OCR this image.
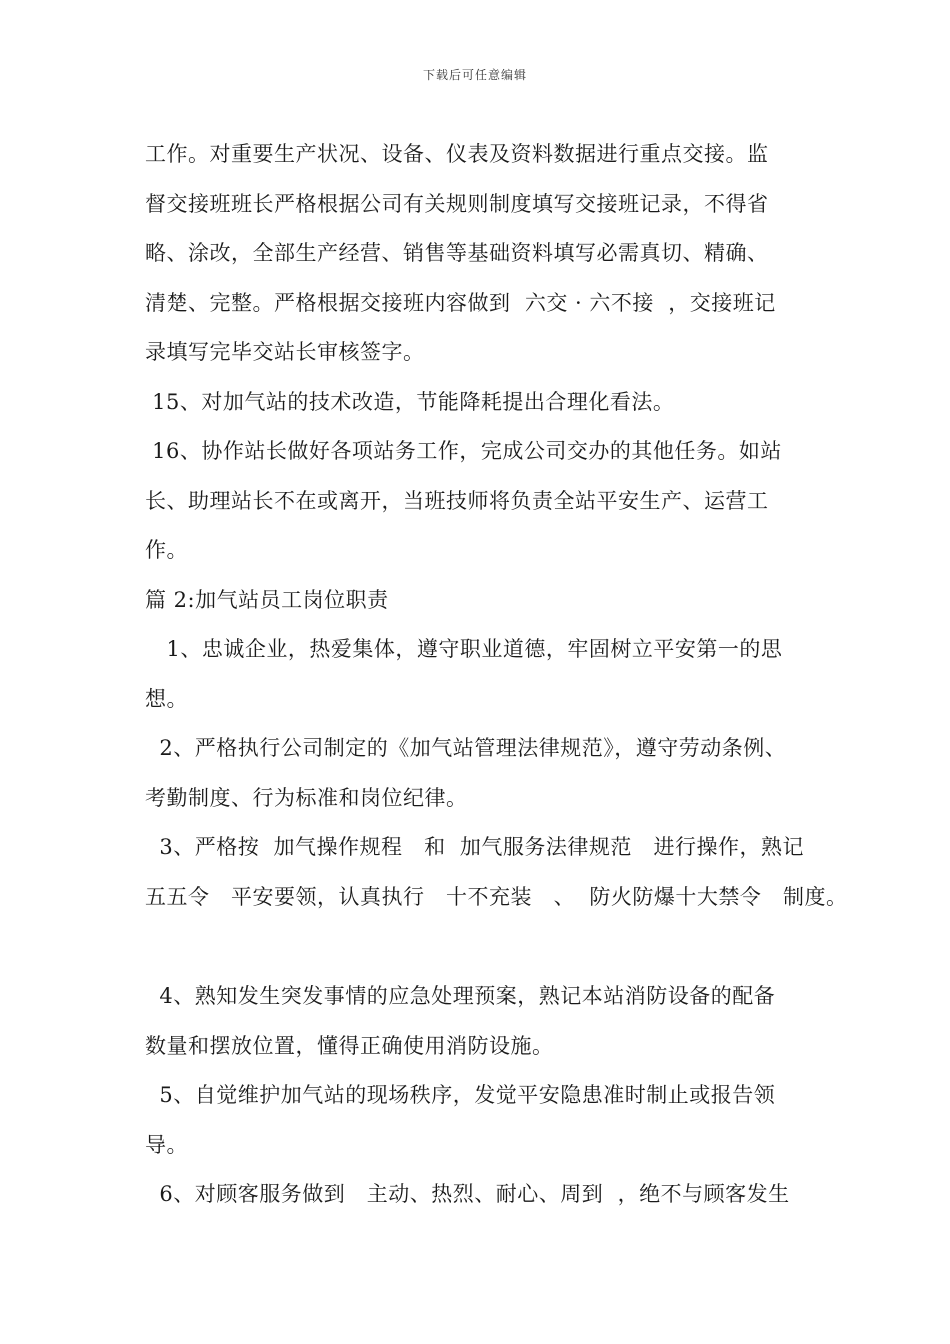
下载后可任意编辑
工作。对重要生产状况、设备、仪表及资料数据进行重点交接。监
督交接班班长严格根据公司有关规则制度填写交接班记录，不得省
略、涂改，全部生产经营、销售等基础资料填写必需真切、精确、
清楚、完整。严格根据交接班内容做到  六交 · 六不接  ，交接班记
录填写完毕交站长审核签字。
15、对加气站的技术改造，节能降耗提出合理化看法。
16、协作站长做好各项站务工作，完成公司交办的其他任务。如站
长、助理站长不在或离开，当班技师将负责全站平安生产、运营工
作。
篇 2:加气站员工岗位职责
1、忠诚企业，热爱集体，遵守职业道德，牢固树立平安第一的思
想。
2、严格执行公司制定的《加气站管理法律规范》，遵守劳动条例、
考勤制度、行为标准和岗位纪律。
3、严格按  加气操作规程   和  加气服务法律规范   进行操作，熟记
五五令   平安要领，认真执行   十不充装   、  防火防爆十大禁令   制度。
4、熟知发生突发事情的应急处理预案，熟记本站消防设备的配备
数量和摆放位置，懂得正确使用消防设施。
5、自觉维护加气站的现场秩序，发觉平安隐患准时制止或报告领
导。
6、对顾客服务做到   主动、热烈、耐心、周到  ，绝不与顾客发生
